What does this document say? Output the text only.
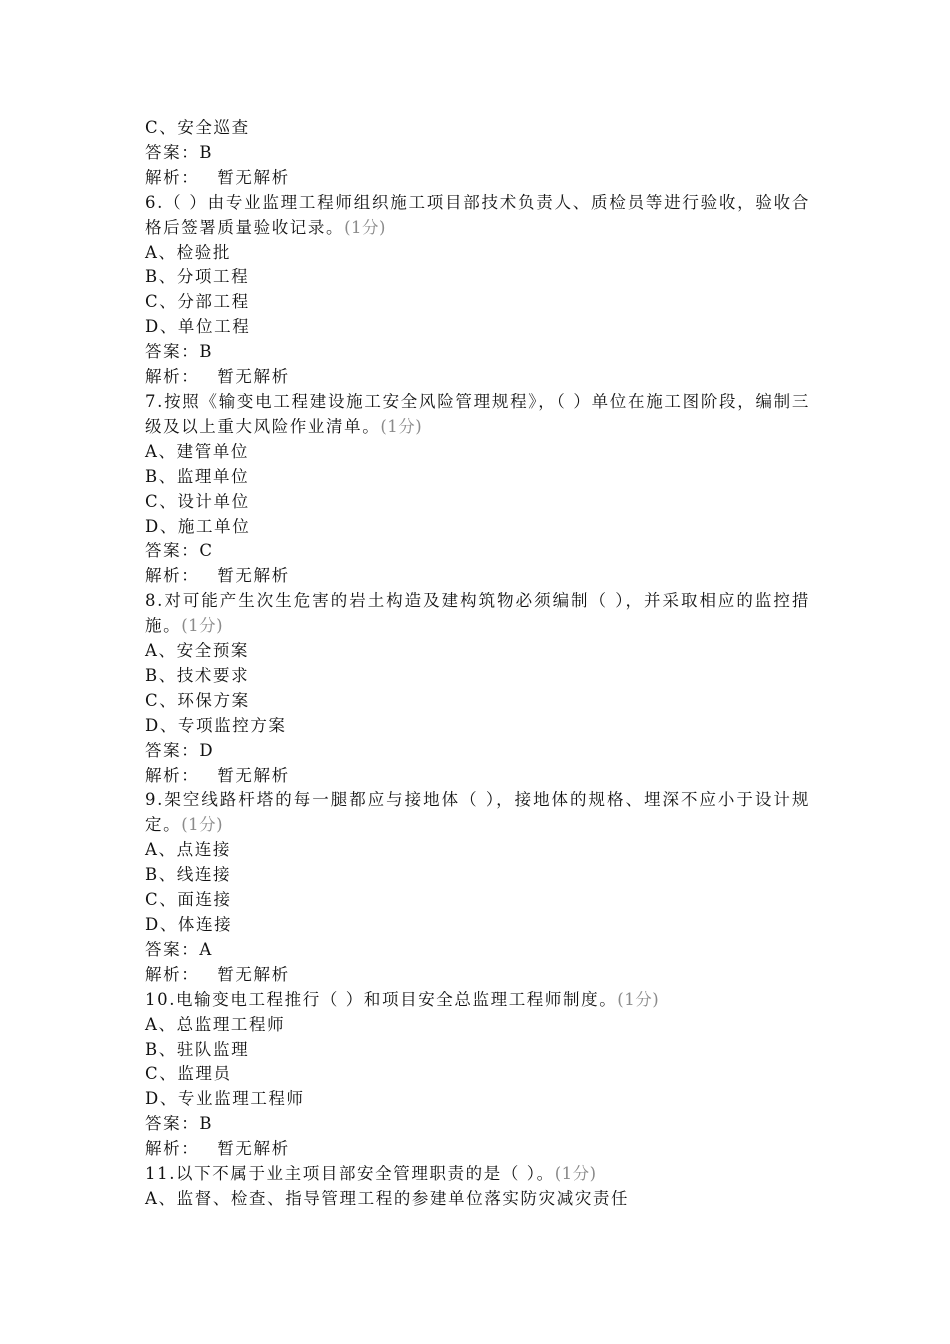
C、安全巡查
答案：B
解析： 暂无解析
6.（ ）由专业监理工程师组织施工项目部技术负责人、质检员等进行验收，验收合格后签署质量验收记录。(1分)
A、检验批
B、分项工程
C、分部工程
D、单位工程
答案：B
解析： 暂无解析
7.按照《输变电工程建设施工安全风险管理规程》，（ ）单位在施工图阶段，编制三级及以上重大风险作业清单。(1分)
A、建管单位
B、监理单位
C、设计单位
D、施工单位
答案：C
解析： 暂无解析
8.对可能产生次生危害的岩土构造及建构筑物必须编制（ ），并采取相应的监控措施。(1分)
A、安全预案
B、技术要求
C、环保方案
D、专项监控方案
答案：D
解析： 暂无解析
9.架空线路杆塔的每一腿都应与接地体（ ），接地体的规格、埋深不应小于设计规定。(1分)
A、点连接
B、线连接
C、面连接
D、体连接
答案：A
解析： 暂无解析
10.电输变电工程推行（ ）和项目安全总监理工程师制度。(1分)
A、总监理工程师
B、驻队监理
C、监理员
D、专业监理工程师
答案：B
解析： 暂无解析
11.以下不属于业主项目部安全管理职责的是（ ）。(1分)
A、监督、检查、指导管理工程的参建单位落实防灾减灾责任
